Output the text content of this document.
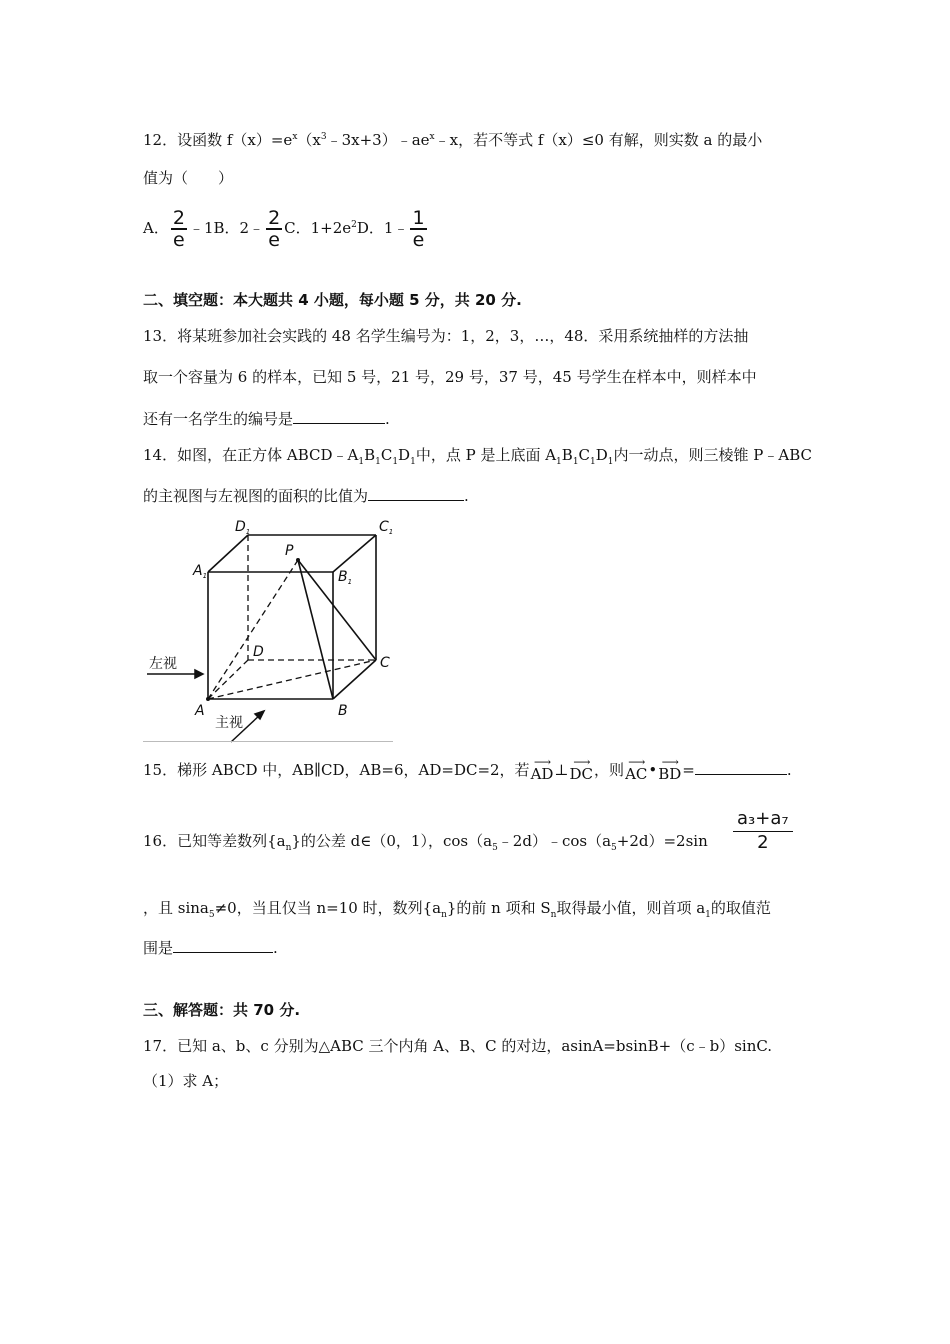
12．设函数 $f(x)=e^x(x^3﹣3x+3)﹣ae^x﹣x$，若不等式 f（x）≤0 有解，则实数 a 的最小
值为（　　）
A． $\frac{2}{e}$ ﹣1B．2﹣ $\frac{2}{e}$ C．$1+2e^2D$．1﹣ $\frac{1}{e}$
二、填空题：本大题共 4 小题，每小题 5 分，共 20 分.
13．将某班参加社会实践的 48 名学生编号为：1，2，3，…，48．采用系统抽样的方法抽
取一个容量为 6 的样本，已知 5 号，21 号，29 号，37 号，45 号学生在样本中，则样本中
还有一名学生的编号是	.
14．如图，在正方体 $ABCD﹣A_1B_1C_1D_1$中，点 P 是上底面 $A_1B_1C_1D_1$内一动点，则三棱锥 P﹣ABC
的主视图与左视图的面积的比值为	.
$D_1$	$C_1$
$A_1$	$B_1$
P
D
C
A	B
左视
主视
15．梯形 ABCD 中，AB∥CD，AB=6，AD=DC=2，若 ⟶
AD ⊥ ⟶
DC ，则 ⟶
AC • ⟶
BD =	.
16．已知等差数列$\{a_n\}$的公差 d∈（0，1），$\cos(a_5﹣2d)﹣\cos(a_5+2d)=2\sin$
a₃+a₇
2
，且 sina$_5$≠0，当且仅当 n=10 时，数列$\{a_n\}$的前 n 项和 $S_n$取得最小值，则首项 $a_1$的取值范
围是	.
三、解答题：共 70 分.
17．已知 a、b、c 分别为△ABC 三个内角 A、B、C 的对边，asinA=bsinB+（c﹣b）sinC.
（1）求 A；
